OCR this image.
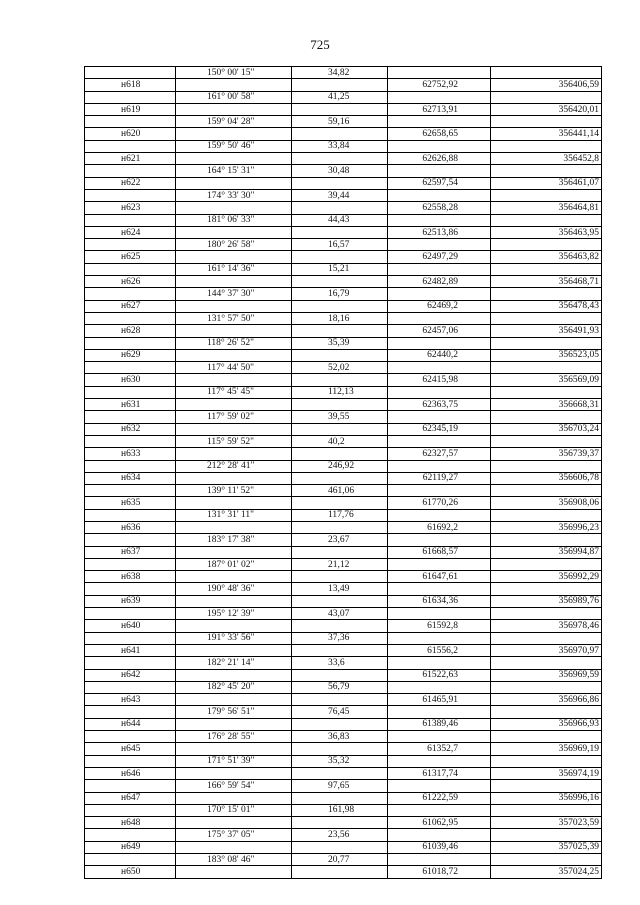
725
	150° 00' 15"	34,82		
н618			62752,92	356406,59
	161° 00' 58"	41,25		
н619			62713,91	356420,01
	159° 04' 28"	59,16		
н620			62658,65	356441,14
	159° 50' 46"	33,84		
н621			62626,88	356452,8
	164° 15' 31"	30,48		
н622			62597,54	356461,07
	174° 33' 30"	39,44		
н623			62558,28	356464,81
	181° 06' 33"	44,43		
н624			62513,86	356463,95
	180° 26' 58"	16,57		
н625			62497,29	356463,82
	161° 14' 36"	15,21		
н626			62482,89	356468,71
	144° 37' 30"	16,79		
н627			62469,2	356478,43
	131° 57' 50"	18,16		
н628			62457,06	356491,93
	118° 26' 52"	35,39		
н629			62440,2	356523,05
	117° 44' 50"	52,02		
н630			62415,98	356569,09
	117° 45' 45"	112,13		
н631			62363,75	356668,31
	117° 59' 02"	39,55		
н632			62345,19	356703,24
	115° 59' 52"	40,2		
н633			62327,57	356739,37
	212° 28' 41"	246,92		
н634			62119,27	356606,78
	139° 11' 52"	461,06		
н635			61770,26	356908,06
	131° 31' 11"	117,76		
н636			61692,2	356996,23
	183° 17' 38"	23,67		
н637			61668,57	356994,87
	187° 01' 02"	21,12		
н638			61647,61	356992,29
	190° 48' 36"	13,49		
н639			61634,36	356989,76
	195° 12' 39"	43,07		
н640			61592,8	356978,46
	191° 33' 56"	37,36		
н641			61556,2	356970,97
	182° 21' 14"	33,6		
н642			61522,63	356969,59
	182° 45' 20"	56,79		
н643			61465,91	356966,86
	179° 56' 51"	76,45		
н644			61389,46	356966,93
	176° 28' 55"	36,83		
н645			61352,7	356969,19
	171° 51' 39"	35,32		
н646			61317,74	356974,19
	166° 59' 54"	97,65		
н647			61222,59	356996,16
	170° 15' 01"	161,98		
н648			61062,95	357023,59
	175° 37' 05"	23,56		
н649			61039,46	357025,39
	183° 08' 46"	20,77		
н650			61018,72	357024,25
